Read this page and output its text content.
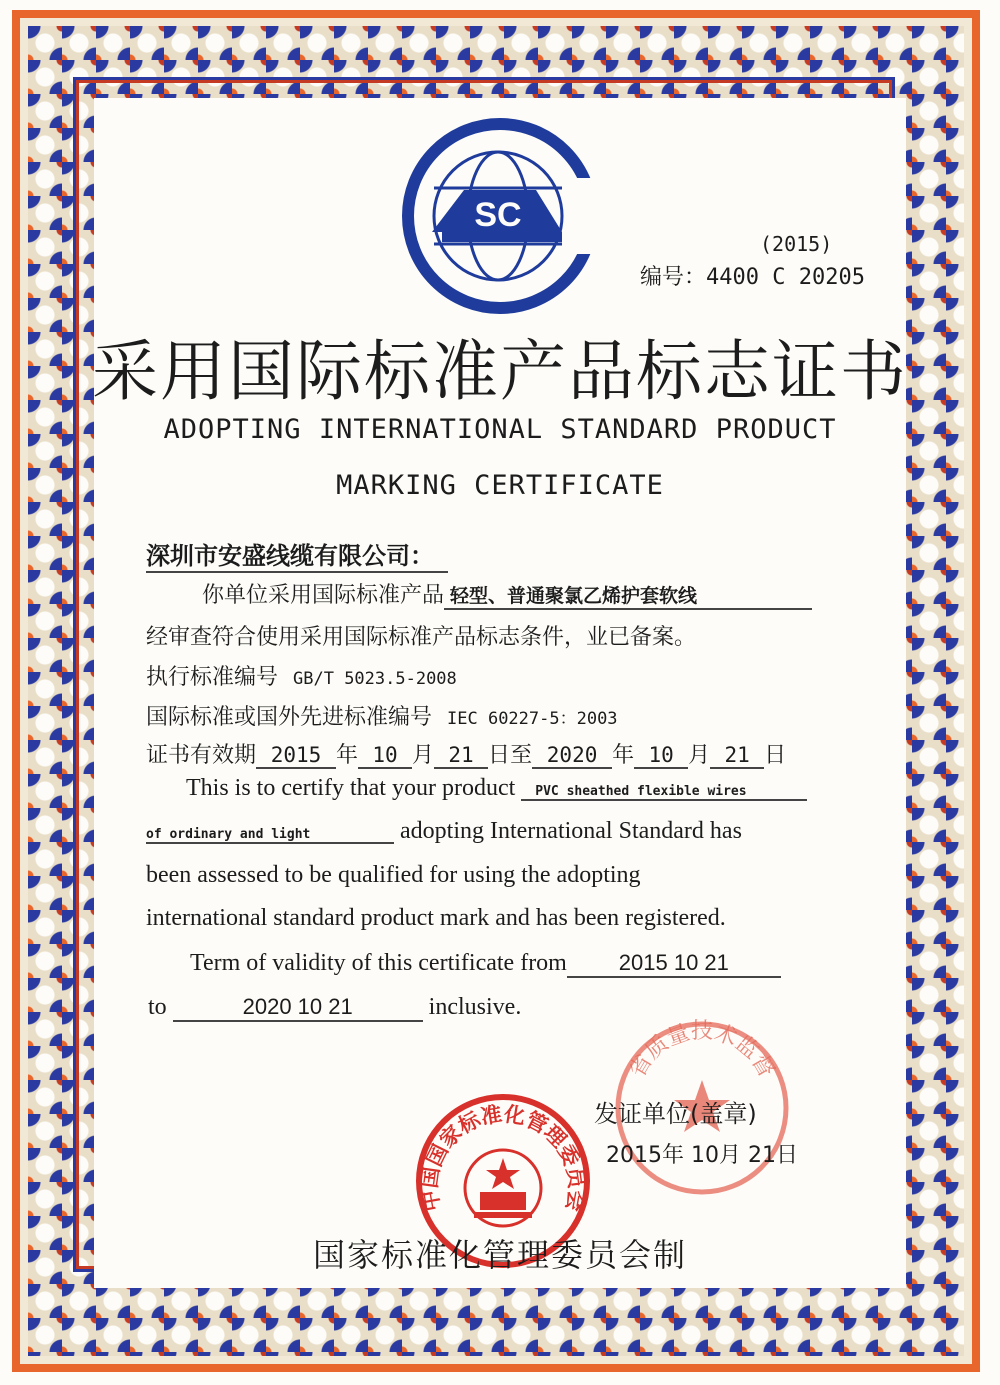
SC
(2015)
编号：4400 C 20205
采用国际标准产品标志证书
ADOPTING INTERNATIONAL STANDARD PRODUCT
MARKING CERTIFICATE
深圳市安盛线缆有限公司：
你单位采用国际标准产品 轻型、普通聚氯乙烯护套软线
经审查符合使用采用国际标准产品标志条件，业已备案。
执行标准编号 GB/T 5023.5-2008
国际标准或国外先进标准编号 IEC 60227-5：2003
证书有效期 2015 年 10 月 21 日至 2020 年 10 月 21 日
This is to certify that your product PVC sheathed flexible wires
of ordinary and light	adopting International Standard has
been assessed to be qualified for using the adopting
international standard product mark and has been registered.
Term of validity of this certificate from 2015 10 21
to	2020 10 21	inclusive.
省质量技术监督
中国国家标准化管理委员会
发证单位(盖章)
2015年 10月 21日
国家标准化管理委员会制
